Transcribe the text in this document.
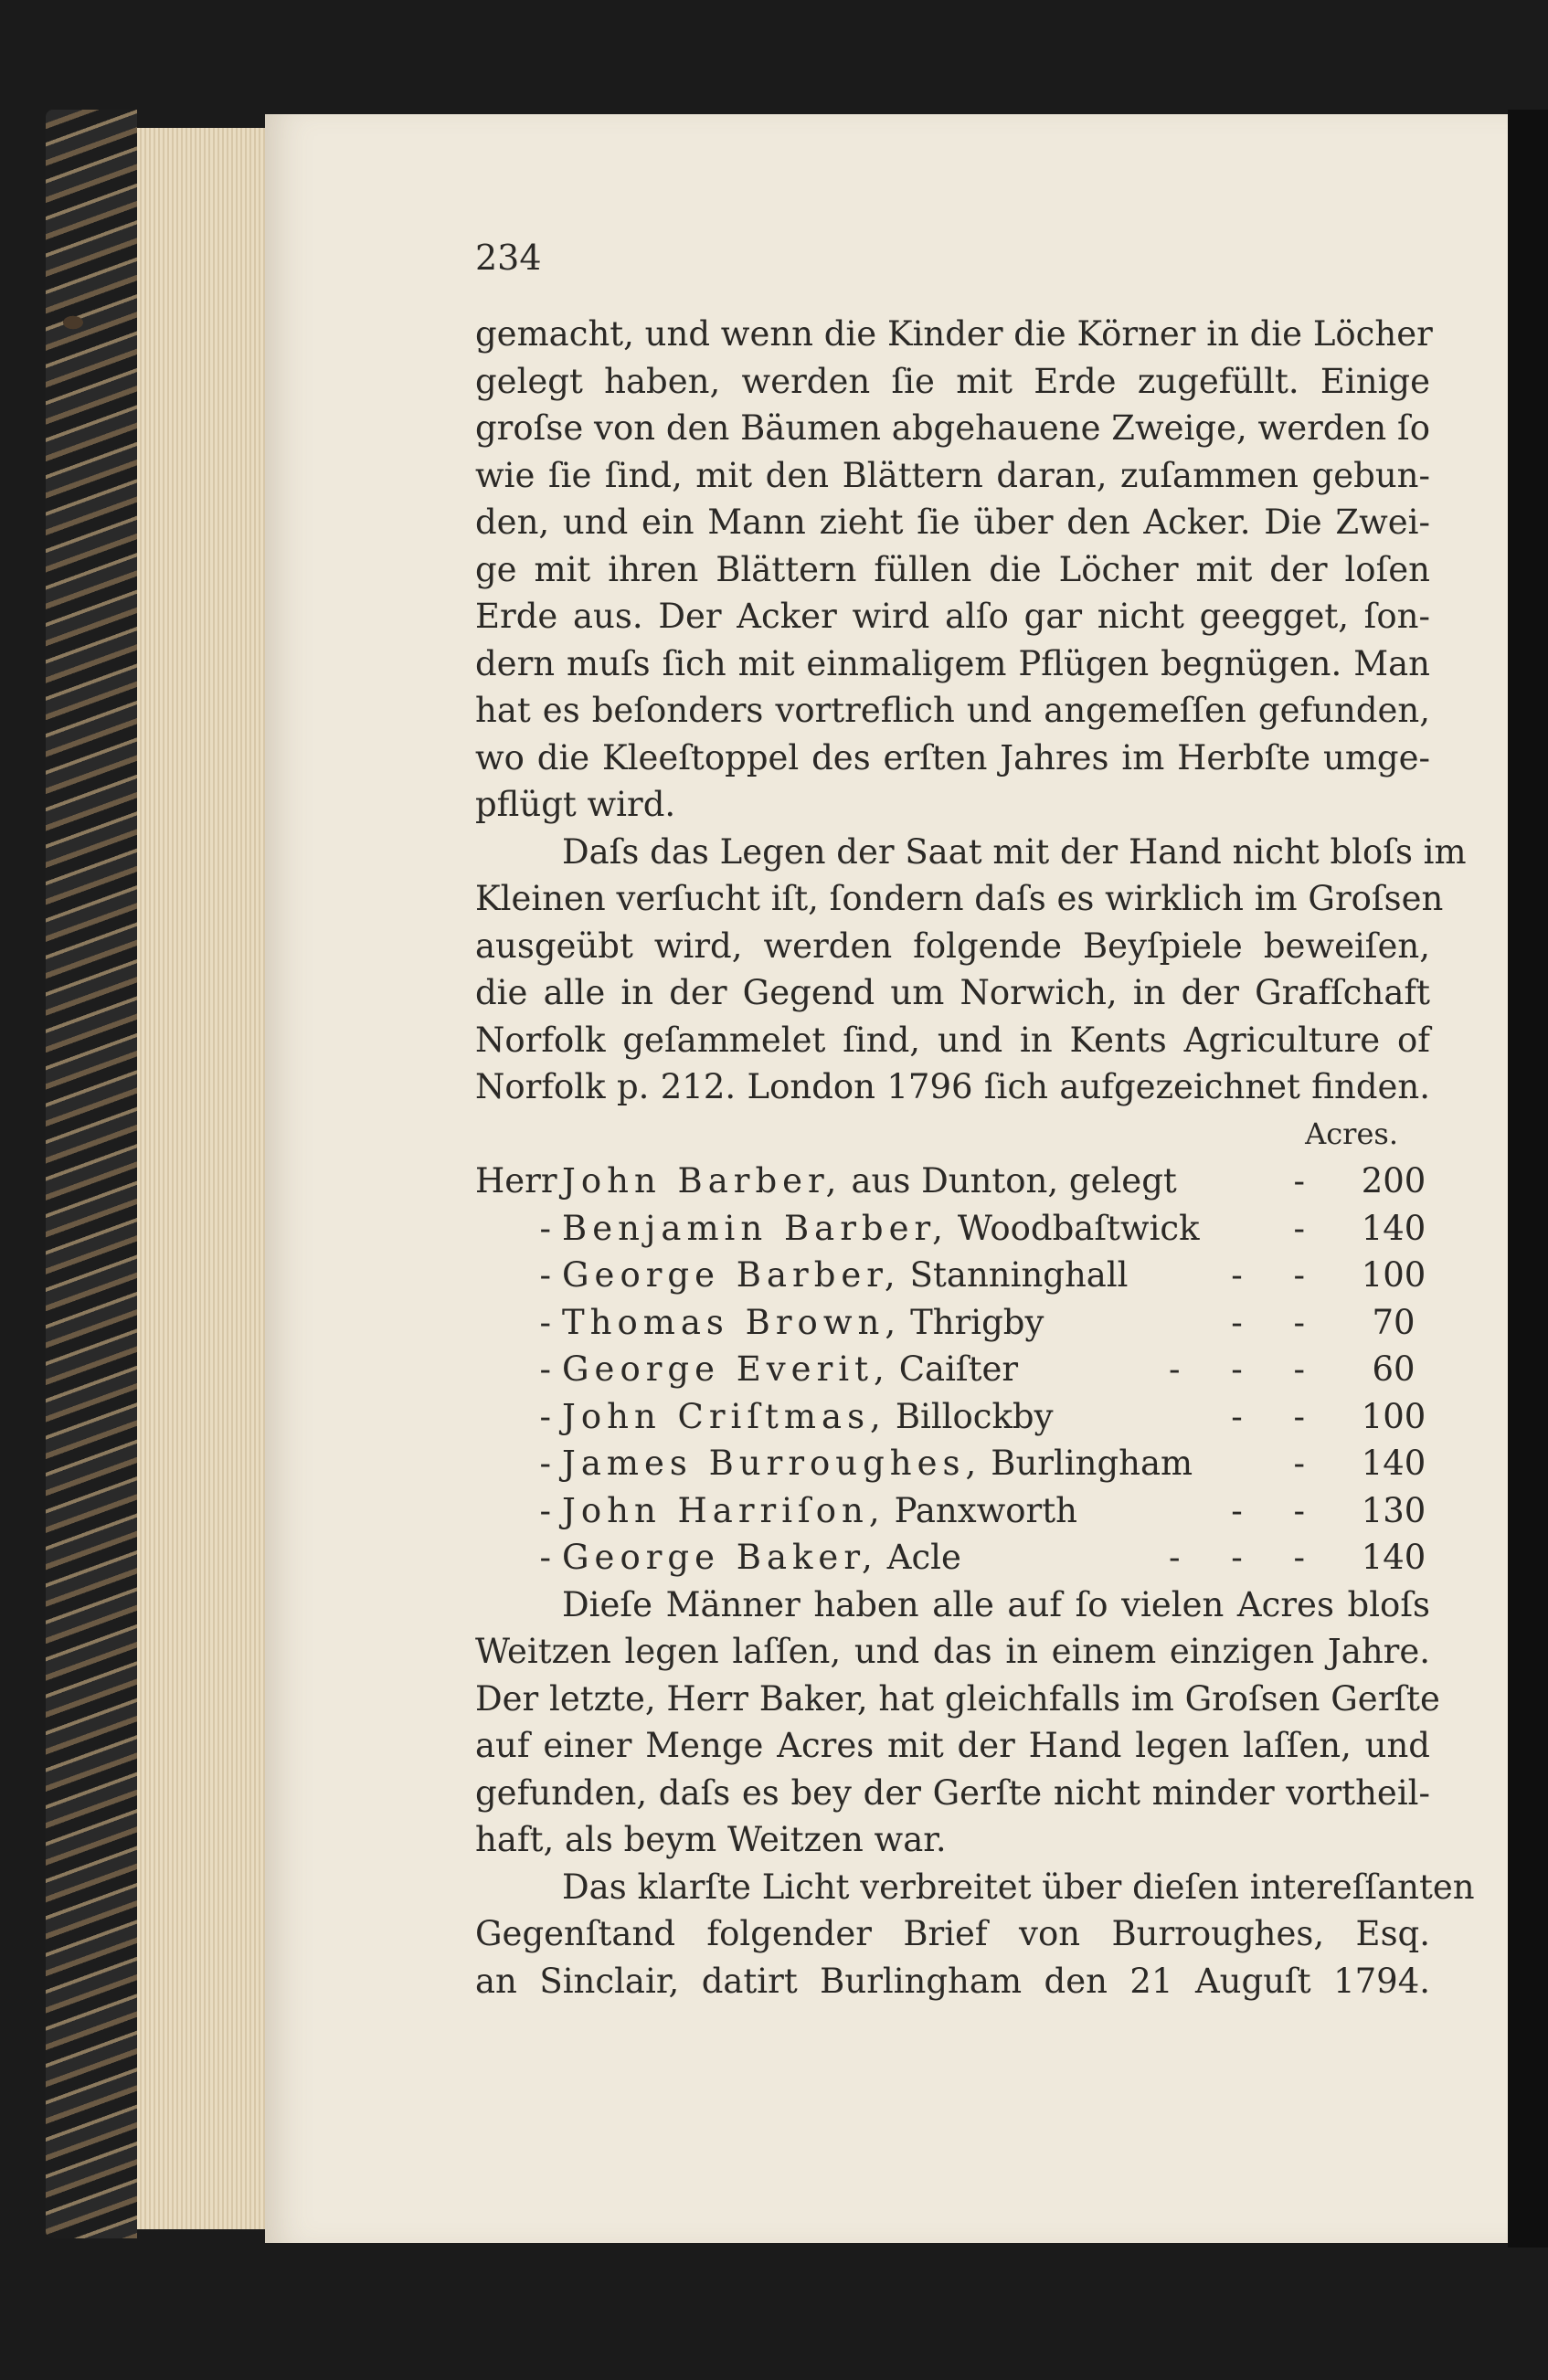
234
gemacht, und wenn die Kinder die Körner in die Löcher
gelegt haben, werden ſie mit Erde zugefüllt. Einige
groſse von den Bäumen abgehauene Zweige, werden ſo
wie ſie ſind, mit den Blättern daran, zuſammen gebun-
den, und ein Mann zieht ſie über den Acker. Die Zwei-
ge mit ihren Blättern füllen die Löcher mit der loſen
Erde aus. Der Acker wird alſo gar nicht geegget, ſon-
dern muſs ſich mit einmaligem Pflügen begnügen. Man
hat es beſonders vortreflich und angemeſſen gefunden,
wo die Kleeſtoppel des erſten Jahres im Herbſte umge-
pflügt wird.
Daſs das Legen der Saat mit der Hand nicht bloſs im
Kleinen verſucht iſt, ſondern daſs es wirklich im Groſsen
ausgeübt wird, werden folgende Beyſpiele beweiſen,
die alle in der Gegend um Norwich, in der Grafſchaft
Norfolk geſammelet ſind, und in Kents Agriculture of
Norfolk p. 212. London 1796 ſich aufgezeichnet finden.
Acres.
Herr John Barber, aus Dunton, gelegt	-	200
- Benjamin Barber, Woodbaſtwick	-	140
- George Barber, Stanninghall	- -	100
- Thomas Brown, Thrigby	- -	70
- George Everit, Caiſter	- - -	60
- John Criſtmas, Billockby	- -	100
- James Burroughes, Burlingham	-	140
- John Harriſon, Panxworth	- -	130
- George Baker, Acle	- - -	140
Dieſe Männer haben alle auf ſo vielen Acres bloſs
Weitzen legen laſſen, und das in einem einzigen Jahre.
Der letzte, Herr Baker, hat gleichfalls im Groſsen Gerſte
auf einer Menge Acres mit der Hand legen laſſen, und
gefunden, daſs es bey der Gerſte nicht minder vortheil-
haft, als beym Weitzen war.
Das klarſte Licht verbreitet über dieſen intereſſanten
Gegenſtand folgender Brief von Burroughes, Esq.
an Sinclair, datirt Burlingham den 21 Auguſt 1794.
